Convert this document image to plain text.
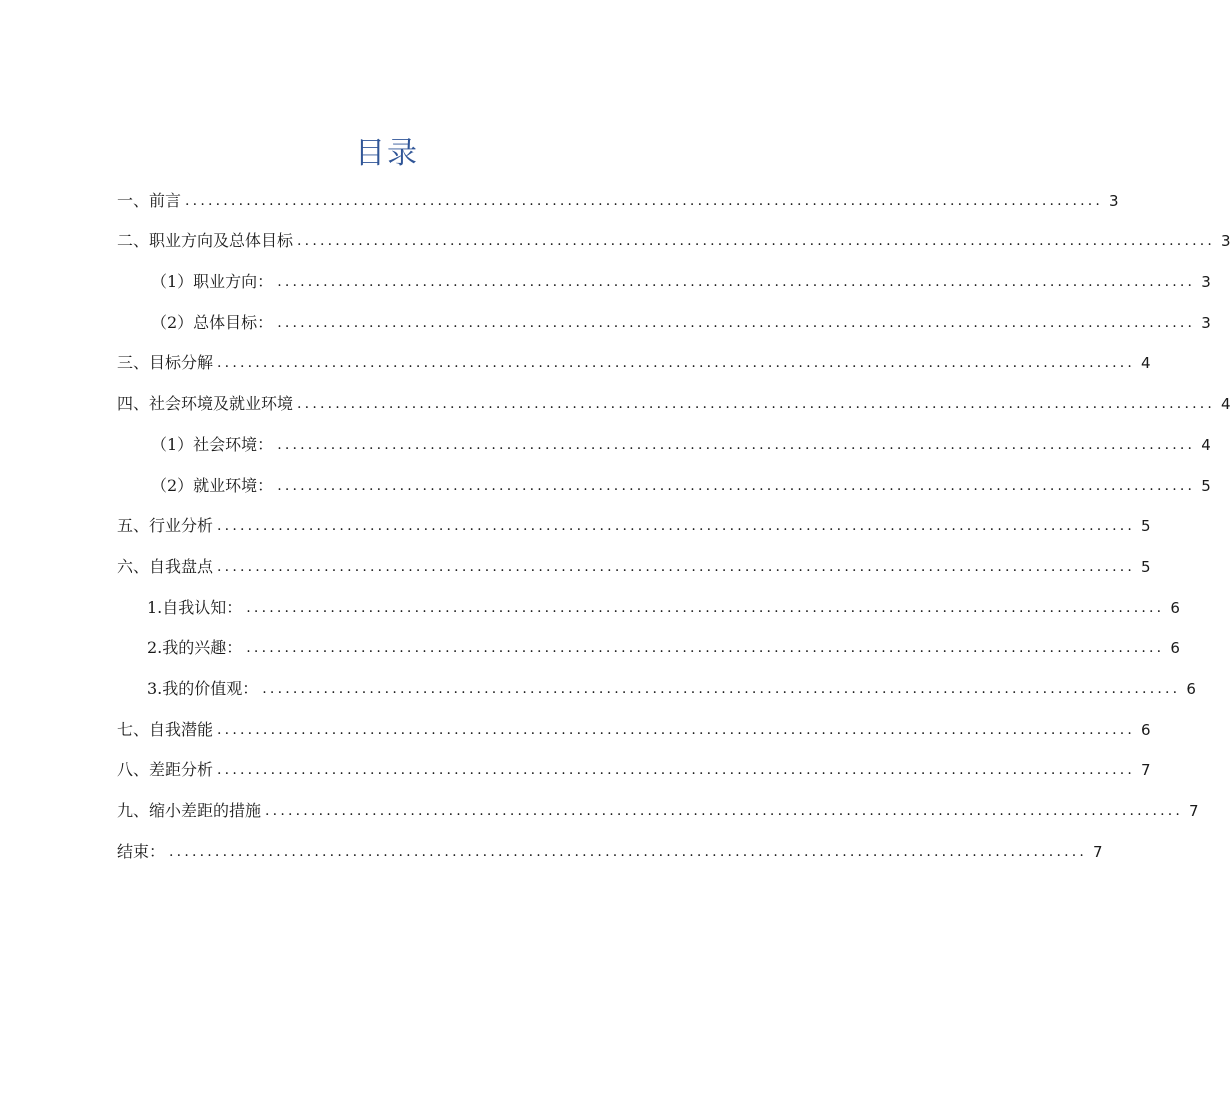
目录
一、前言 ........................................................................................................................ 3
二、职业方向及总体目标 ........................................................................................................................ 3
（1）职业方向： ........................................................................................................................ 3
（2）总体目标： ........................................................................................................................ 3
三、目标分解 ........................................................................................................................ 4
四、社会环境及就业环境 ........................................................................................................................ 4
（1）社会环境： ........................................................................................................................ 4
（2）就业环境： ........................................................................................................................ 5
五、行业分析 ........................................................................................................................ 5
六、自我盘点 ........................................................................................................................ 5
1.自我认知： ........................................................................................................................ 6
2.我的兴趣： ........................................................................................................................ 6
3.我的价值观： ........................................................................................................................ 6
七、自我潜能 ........................................................................................................................ 6
八、差距分析 ........................................................................................................................ 7
九、缩小差距的措施 ........................................................................................................................ 7
结束： ........................................................................................................................ 7
